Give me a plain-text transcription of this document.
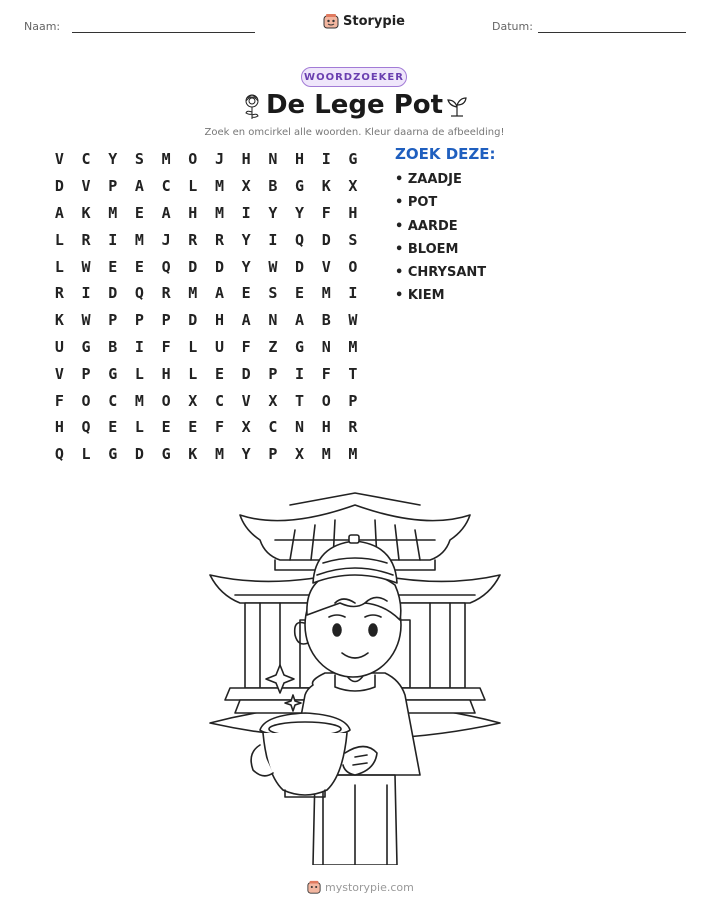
Naam:	Storypie	Datum:
WOORDZOEKER
De Lege Pot
Zoek en omcirkel alle woorden. Kleur daarna de afbeelding!
V	C	Y	S	M	O	J	H	N	H	I	G
D	V	P	A	C	L	M	X	B	G	K	X
A	K	M	E	A	H	M	I	Y	Y	F	H
L	R	I	M	J	R	R	Y	I	Q	D	S
L	W	E	E	Q	D	D	Y	W	D	V	O
R	I	D	Q	R	M	A	E	S	E	M	I
K	W	P	P	P	D	H	A	N	A	B	W
U	G	B	I	F	L	U	F	Z	G	N	M
V	P	G	L	H	L	E	D	P	I	F	T
F	O	C	M	O	X	C	V	X	T	O	P
H	Q	E	L	E	E	F	X	C	N	H	R
Q	L	G	D	G	K	M	Y	P	X	M	M
ZOEK DEZE:
• ZAADJE
• POT
• AARDE
• BLOEM
• CHRYSANT
• KIEM
mystorypie.com
